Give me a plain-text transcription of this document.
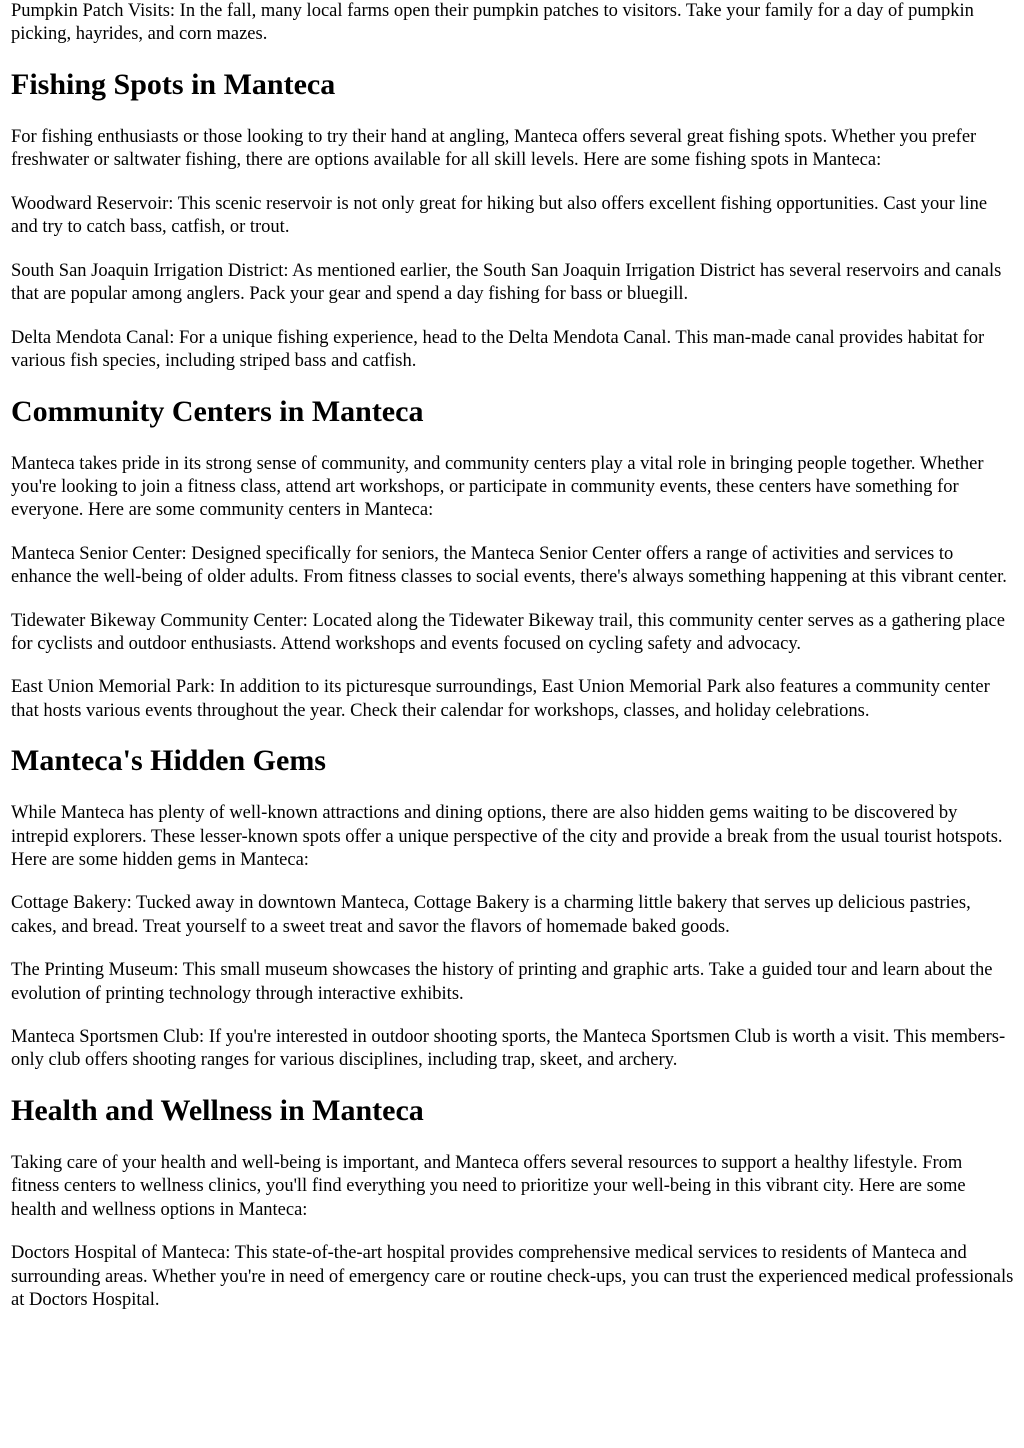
Pumpkin Patch Visits: In the fall, many local farms open their pumpkin patches to visitors. Take your family for a day of pumpkin picking, hayrides, and corn mazes.

Fishing Spots in Manteca

For fishing enthusiasts or those looking to try their hand at angling, Manteca offers several great fishing spots. Whether you prefer freshwater or saltwater fishing, there are options available for all skill levels. Here are some fishing spots in Manteca:

Woodward Reservoir: This scenic reservoir is not only great for hiking but also offers excellent fishing opportunities. Cast your line and try to catch bass, catfish, or trout.

South San Joaquin Irrigation District: As mentioned earlier, the South San Joaquin Irrigation District has several reservoirs and canals that are popular among anglers. Pack your gear and spend a day fishing for bass or bluegill.

Delta Mendota Canal: For a unique fishing experience, head to the Delta Mendota Canal. This man-made canal provides habitat for various fish species, including striped bass and catfish.

Community Centers in Manteca

Manteca takes pride in its strong sense of community, and community centers play a vital role in bringing people together. Whether you're looking to join a fitness class, attend art workshops, or participate in community events, these centers have something for everyone. Here are some community centers in Manteca:

Manteca Senior Center: Designed specifically for seniors, the Manteca Senior Center offers a range of activities and services to enhance the well-being of older adults. From fitness classes to social events, there's always something happening at this vibrant center.

Tidewater Bikeway Community Center: Located along the Tidewater Bikeway trail, this community center serves as a gathering place for cyclists and outdoor enthusiasts. Attend workshops and events focused on cycling safety and advocacy.

East Union Memorial Park: In addition to its picturesque surroundings, East Union Memorial Park also features a community center that hosts various events throughout the year. Check their calendar for workshops, classes, and holiday celebrations.

Manteca's Hidden Gems

While Manteca has plenty of well-known attractions and dining options, there are also hidden gems waiting to be discovered by intrepid explorers. These lesser-known spots offer a unique perspective of the city and provide a break from the usual tourist hotspots. Here are some hidden gems in Manteca:

Cottage Bakery: Tucked away in downtown Manteca, Cottage Bakery is a charming little bakery that serves up delicious pastries, cakes, and bread. Treat yourself to a sweet treat and savor the flavors of homemade baked goods.

The Printing Museum: This small museum showcases the history of printing and graphic arts. Take a guided tour and learn about the evolution of printing technology through interactive exhibits.

Manteca Sportsmen Club: If you're interested in outdoor shooting sports, the Manteca Sportsmen Club is worth a visit. This members-only club offers shooting ranges for various disciplines, including trap, skeet, and archery.

Health and Wellness in Manteca

Taking care of your health and well-being is important, and Manteca offers several resources to support a healthy lifestyle. From fitness centers to wellness clinics, you'll find everything you need to prioritize your well-being in this vibrant city. Here are some health and wellness options in Manteca:

Doctors Hospital of Manteca: This state-of-the-art hospital provides comprehensive medical services to residents of Manteca and surrounding areas. Whether you're in need of emergency care or routine check-ups, you can trust the experienced medical professionals at Doctors Hospital.
